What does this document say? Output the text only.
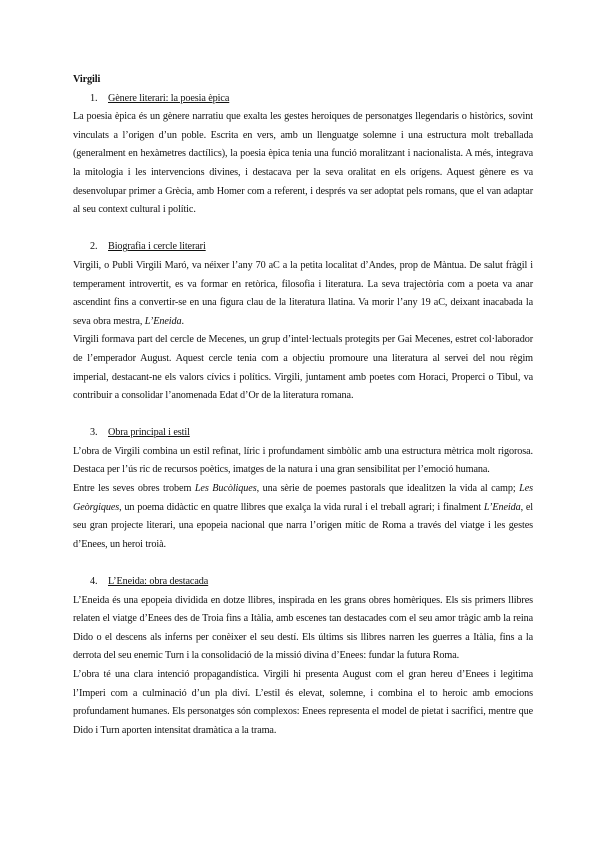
Virgili

1. Gènere literari: la poesia èpica

La poesia èpica és un gènere narratiu que exalta les gestes heroiques de personatges llegendaris o històrics, sovint vinculats a l’origen d’un poble. Escrita en vers, amb un llenguatge solemne i una estructura molt treballada (generalment en hexàmetres dactílics), la poesia èpica tenia una funció moralitzant i nacionalista. A més, integrava la mitologia i les intervencions divines, i destacava per la seva oralitat en els orígens. Aquest gènere es va desenvolupar primer a Grècia, amb Homer com a referent, i després va ser adoptat pels romans, que el van adaptar al seu context cultural i polític.

2. Biografia i cercle literari

Virgili, o Publi Virgili Maró, va néixer l’any 70 aC a la petita localitat d’Andes, prop de Màntua. De salut fràgil i temperament introvertit, es va formar en retòrica, filosofia i literatura. La seva trajectòria com a poeta va anar ascendint fins a convertir-se en una figura clau de la literatura llatina. Va morir l’any 19 aC, deixant inacabada la seva obra mestra, L’Eneida.

Virgili formava part del cercle de Mecenes, un grup d’intel·lectuals protegits per Gai Mecenes, estret col·laborador de l’emperador August. Aquest cercle tenia com a objectiu promoure una literatura al servei del nou règim imperial, destacant-ne els valors cívics i polítics. Virgili, juntament amb poetes com Horaci, Properci o Tibul, va contribuir a consolidar l’anomenada Edat d’Or de la literatura romana.

3. Obra principal i estil

L’obra de Virgili combina un estil refinat, líric i profundament simbòlic amb una estructura mètrica molt rigorosa. Destaca per l’ús ric de recursos poètics, imatges de la natura i una gran sensibilitat per l’emoció humana.

Entre les seves obres trobem Les Bucòliques, una sèrie de poemes pastorals que idealitzen la vida al camp; Les Geòrgiques, un poema didàctic en quatre llibres que exalça la vida rural i el treball agrari; i finalment L’Eneida, el seu gran projecte literari, una epopeia nacional que narra l’origen mític de Roma a través del viatge i les gestes d’Enees, un heroi troià.

4. L’Eneida: obra destacada

L’Eneida és una epopeia dividida en dotze llibres, inspirada en les grans obres homèriques. Els sis primers llibres relaten el viatge d’Enees des de Troia fins a Itàlia, amb escenes tan destacades com el seu amor tràgic amb la reina Dido o el descens als inferns per conèixer el seu destí. Els últims sis llibres narren les guerres a Itàlia, fins a la derrota del seu enemic Turn i la consolidació de la missió divina d’Enees: fundar la futura Roma.

L’obra té una clara intenció propagandística. Virgili hi presenta August com el gran hereu d’Enees i legitima l’Imperi com a culminació d’un pla diví. L’estil és elevat, solemne, i combina el to heroic amb emocions profundament humanes. Els personatges són complexos: Enees representa el model de pietat i sacrifici, mentre que Dido i Turn aporten intensitat dramàtica a la trama.
